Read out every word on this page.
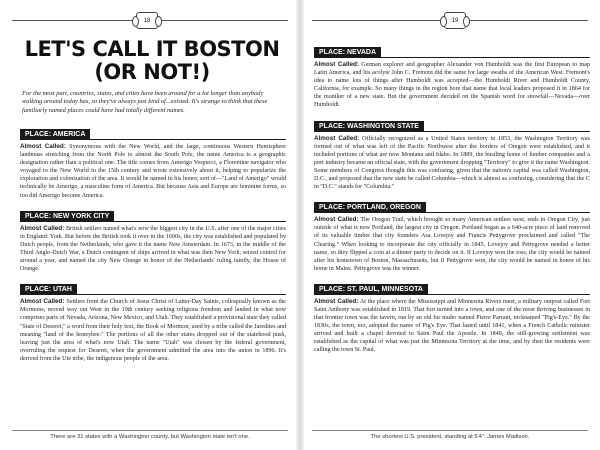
18
LET'S CALL IT BOSTON
(OR NOT!)

For the most part, countries, states, and cities have been around for a lot longer than anybody walking around today has, so they've always just kind of...existed. It's strange to think that these familiarly named places could have had totally different names.

PLACE: AMERICA

Almost Called: Synonymous with the New World, and the large, continuous Western Hemisphere landmass stretching from the North Pole to almost the South Pole, the name America is a geographic designation rather than a political one. The title comes from Amerigo Vespucci, a Florentine navigator who voyaged to the New World in the 15th century and wrote extensively about it, helping to popularize the exploration and colonization of the area. It would be named in his honor, sort of—"Land of Amerigo" would technically be Amerigo, a masculine form of America. But because Asia and Europe are feminine forms, so too did Amerigo become America.

PLACE: NEW YORK CITY

Almost Called: British settlers named what's now the biggest city in the U.S. after one of the major cities in England: York. But before the British took it over in the 1600s, the city was established and populated by Dutch people, from the Netherlands, who gave it the name New Amsterdam. In 1673, in the middle of the Third Anglo-Dutch War, a Dutch contingent of ships arrived in what was then New York, seized control for around a year, and named the city New Orange in honor of the Netherlands' ruling family, the House of Orange.

PLACE: UTAH

Almost Called: Settlers from the Church of Jesus Christ of Latter-Day Saints, colloquially known as the Mormons, moved way out West in the 19th century seeking religious freedom and landed in what now comprises parts of Nevada, Arizona, New Mexico, and Utah. They established a provisional state they called "State of Deseret," a word from their holy text, the Book of Mormon, used by a tribe called the Jaredites and meaning "land of the honeybee." The portions of all the other states dropped out of the statehood push, leaving just the area of what's now Utah. The name "Utah" was chosen by the federal government, overruling the request for Deseret, when the government admitted the area into the union in 1896. It's derived from the Ute tribe, the indigenous people of the area.

There are 31 states with a Washington county, but Washington state isn't one.
19
PLACE: NEVADA

Almost Called: German explorer and geographer Alexander von Humboldt was the first European to map Latin America, and his acolyte John C. Fremont did the same for large swaths of the American West. Fremont's idea to name lots of things after Humboldt was accepted—the Humboldt River and Humboldt County, California, for example. So many things in the region bore that name that local leaders proposed it in 1864 for the moniker of a new state. But the government decided on the Spanish word for snowfall—Nevada—over Humboldt.

PLACE: WASHINGTON STATE

Almost Called: Officially recognized as a United States territory in 1853, the Washington Territory was formed out of what was left of the Pacific Northwest after the borders of Oregon were established, and it included portions of what are now Montana and Idaho. In 1889, the bustling home of lumber companies and a port industry became an official state, with the government dropping "Territory" to give it the name Washington. Some members of Congress thought this was confusing, given that the nation's capital was called Washington, D.C., and proposed that the new state be called Columbia—which is almost as confusing, considering that the C in "D.C." stands for "Columbia."

PLACE: PORTLAND, OREGON

Almost Called: The Oregon Trail, which brought so many American settlers west, ends in Oregon City, just outside of what is now Portland, the largest city in Oregon. Portland began as a 640-acre piece of land removed of its valuable timber that city founders Asa Lovejoy and Francis Pettygrove proclaimed and called "The Clearing." When looking to incorporate the city officially in 1845, Lovejoy and Pettygrove needed a better name, so they flipped a coin at a dinner party to decide on it. If Lovejoy won the toss, the city would be named after his hometown of Boston, Massachusetts, but if Pettygrove won, the city would be named in honor of his home in Maine. Pettygrove was the winner.

PLACE: ST. PAUL, MINNESOTA

Almost Called: At the place where the Mississippi and Minnesota Rivers meet, a military outpost called Fort Saint Anthony was established in 1819. That fort turned into a town, and one of the most thriving businesses in that frontier town was the tavern, run by an old fur trader named Pierre Parrant, nicknamed "Pig's-Eye." By the 1830s, the town, too, adopted the name of Pig's Eye. That lasted until 1841, when a French Catholic minister arrived and built a chapel devoted to Saint Paul the Apostle. In 1849, the still-growing settlement was established as the capital of what was just the Minnesota Territory at the time, and by then the residents were calling the town St. Paul.

The shortest U.S. president, standing at 5'4": James Madison.
